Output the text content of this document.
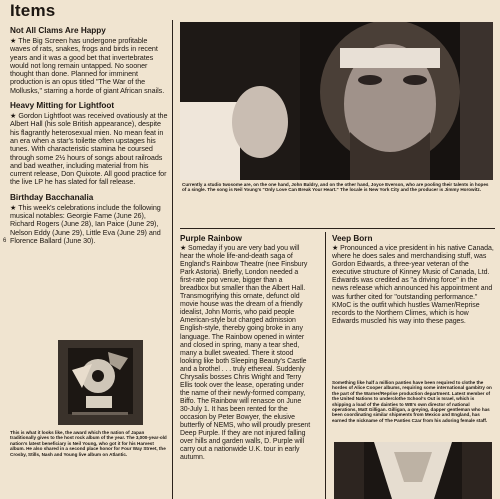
6
Items
Not All Clams Are Happy

★ The Big Screen has undergone profitable waves of rats, snakes, frogs and birds in recent years and it was a good bet that invertebrates would not long remain untapped. No sooner thought than done. Planned for imminent production is an opus titled "The War of the Mollusks," starring a horde of giant African snails.

Heavy Mitting for Lightfoot

★ Gordon Lightfoot was received ovatiously at the Albert Hall (his sole British appearance), despite his flagrantly heterosexual mien. No mean feat in an era when a star's toilette often upstages his tunes. With characteristic stamina he coursed through some 2½ hours of songs about railroads and bad weather, including material from his current release, Don Quixote. All good practice for the live LP he has slated for fall release.

Birthday Bacchanalia

★ This week's celebrations include the following musical notables: Georgie Fame (June 26), Richard Rogers (June 28), Ian Paice (June 29), Nelson Eddy (June 29), Little Eva (June 29) and Florence Ballard (June 30).

This is what it looks like, the award which the nation of Japan traditionally gives to the host rock album of the year. The 3,000-year-old nation's latest beneficiary is Neil Young, who got it for his Harvest album. He also shared in a second place honor for Four Way Street, the Crosby, Stills, Nash and Young live album on Atlantic.
Currently a studio twosome are, on the one hand, John Baldry, and on the other hand, Joyce Everson, who are pooling their talents in hopes of a single. The song is Neil Young's "Only Love Can Break Your Heart." The locale is New York City and the producer is Jimmy Horowitz.
Purple Rainbow

★ Someday if you are very bad you will hear the whole life-and-death saga of England's Rainbow Theatre (nee Finsbury Park Astoria). Briefly, London needed a first-rate pop venue, bigger than a breadbox but smaller than the Albert Hall. Transmogrifying this ornate, defunct old movie house was the dream of a friendly idealist, John Morris, who paid people American-style but charged admission English-style, thereby going broke in any language. The Rainbow opened in winter and closed in spring, many a tear shed, many a bullet sweated. There it stood looking like both Sleeping Beauty's Castle and a brothel . . . truly ethereal. Suddenly Chrysalis bosses Chris Wright and Terry Ellis took over the lease, operating under the name of their newly-formed company, Biffo. The Rainbow will renascе on June 30-July 1. It has been rented for the occasion by Peter Bowyer, the elusive butterfly of NEMS, who will proudly present Deep Purple. If they are not injured falling over hills and garden walls, D. Purple will carry out a nationwide U.K. tour in early autumn.

Veep Born

★ Pronounced a vice president in his native Canada, where he does sales and merchandising stuff, was Gordon Edwards, a three-year veteran of the executive structure of Kinney Music of Canada, Ltd. Edwards was credited as "a driving force" in the news release which announced his appointment and was further cited for "outstanding performance." KMoC is the outfit which hustles Warner/Reprise records to the Northern Climes, which is how Edwards muscled his way into these pages.

Something like half a million panties have been required to clothe the hordes of Alice Cooper albums, requiring some international gambitry on the part of the Warner/Reprise production department. Latest member of the United Nations to underclothe School's Out is Israel, which is shipping a load of the dainties to WB's own director of national operations, Matt Gilligan. Gilligan, a greying, dapper gentleman who has been coordinating similar shipments from Mexico and England, has earned the nickname of The Panties Czar from his adoring female staff.
